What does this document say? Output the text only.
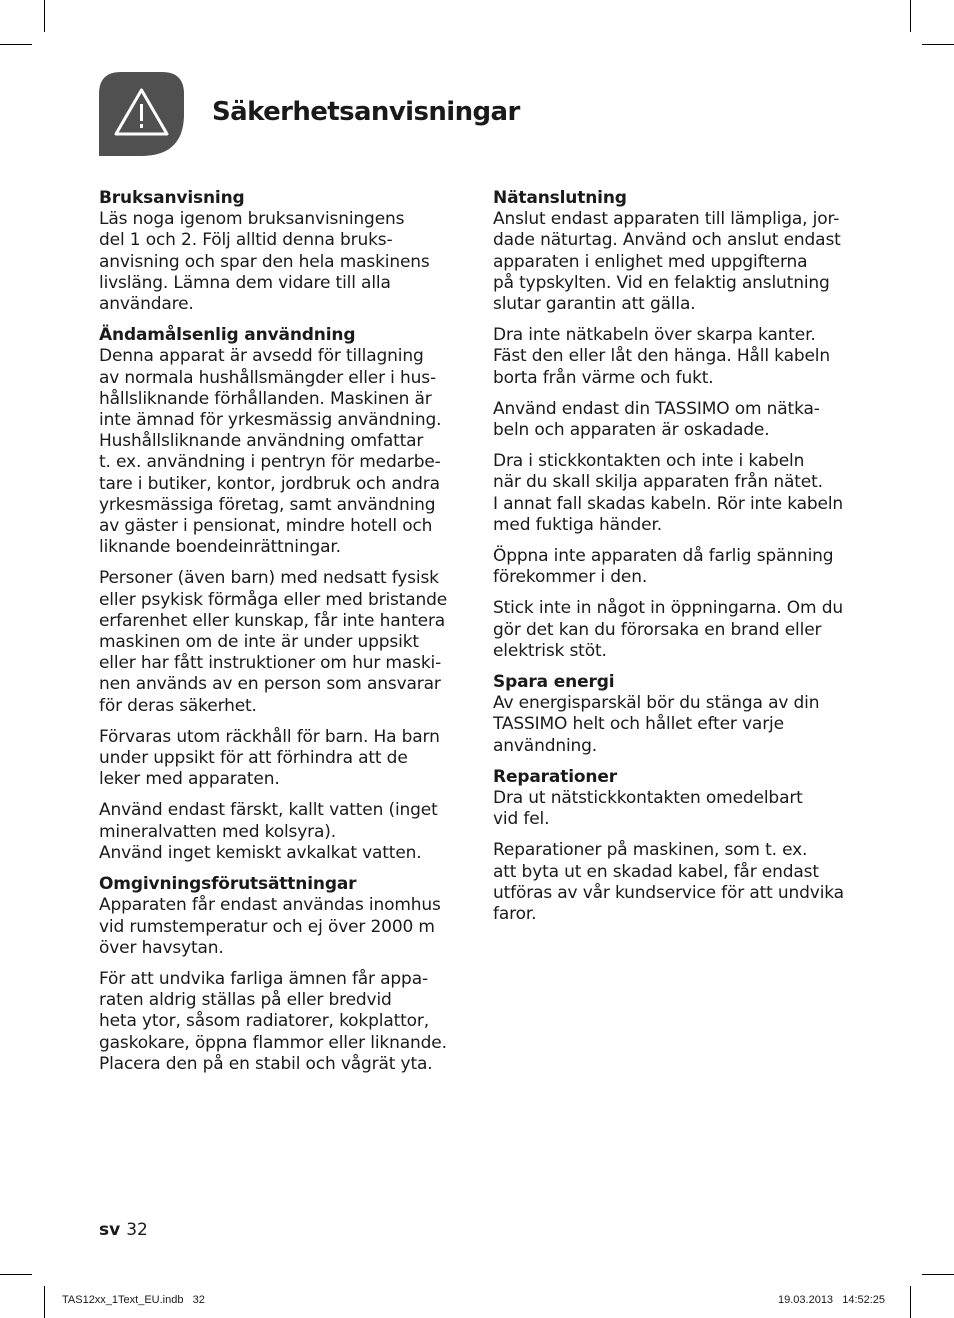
Säkerhetsanvisningar

Bruksanvisning
Läs noga igenom bruksanvisningens
del 1 och 2. Följ alltid denna bruks-
anvisning och spar den hela maskinens
livsläng. Lämna dem vidare till alla
användare.

Ändamålsenlig användning
Denna apparat är avsedd för tillagning
av normala hushållsmängder eller i hus-
hållsliknande förhållanden. Maskinen är
inte ämnad för yrkesmässig användning.
Hushållsliknande användning omfattar
t. ex. användning i pentryn för medarbe-
tare i butiker, kontor, jordbruk och andra
yrkesmässiga företag, samt användning
av gäster i pensionat, mindre hotell och
liknande boendeinrättningar.

Personer (även barn) med nedsatt fysisk
eller psykisk förmåga eller med bristande
erfarenhet eller kunskap, får inte hantera
maskinen om de inte är under uppsikt
eller har fått instruktioner om hur maski-
nen används av en person som ansvarar
för deras säkerhet.

Förvaras utom räckhåll för barn. Ha barn
under uppsikt för att förhindra att de
leker med apparaten.

Använd endast färskt, kallt vatten (inget
mineralvatten med kolsyra).
Använd inget kemiskt avkalkat vatten.

Omgivningsförutsättningar
Apparaten får endast användas inomhus
vid rumstemperatur och ej över 2000 m
över havsytan.

För att undvika farliga ämnen får appa-
raten aldrig ställas på eller bredvid
heta ytor, såsom radiatorer, kokplattor,
gaskokare, öppna flammor eller liknande.
Placera den på en stabil och vågrät yta.

Nätanslutning
Anslut endast apparaten till lämpliga, jor-
dade näturtag. Använd och anslut endast
apparaten i enlighet med uppgifterna
på typskylten. Vid en felaktig anslutning
slutar garantin att gälla.

Dra inte nätkabeln över skarpa kanter.
Fäst den eller låt den hänga. Håll kabeln
borta från värme och fukt.

Använd endast din TASSIMO om nätka-
beln och apparaten är oskadade.

Dra i stickkontakten och inte i kabeln
när du skall skilja apparaten från nätet.
I annat fall skadas kabeln. Rör inte kabeln
med fuktiga händer.

Öppna inte apparaten då farlig spänning
förekommer i den.

Stick inte in något in öppningarna. Om du
gör det kan du förorsaka en brand eller
elektrisk stöt.

Spara energi
Av energisparskäl bör du stänga av din
TASSIMO helt och hållet efter varje
användning.

Reparationer
Dra ut nätstickkontakten omedelbart
vid fel.

Reparationer på maskinen, som t. ex.
att byta ut en skadad kabel, får endast
utföras av vår kundservice för att undvika
faror.

sv 32
TAS12xx_1Text_EU.indb   32	19.03.2013   14:52:25
